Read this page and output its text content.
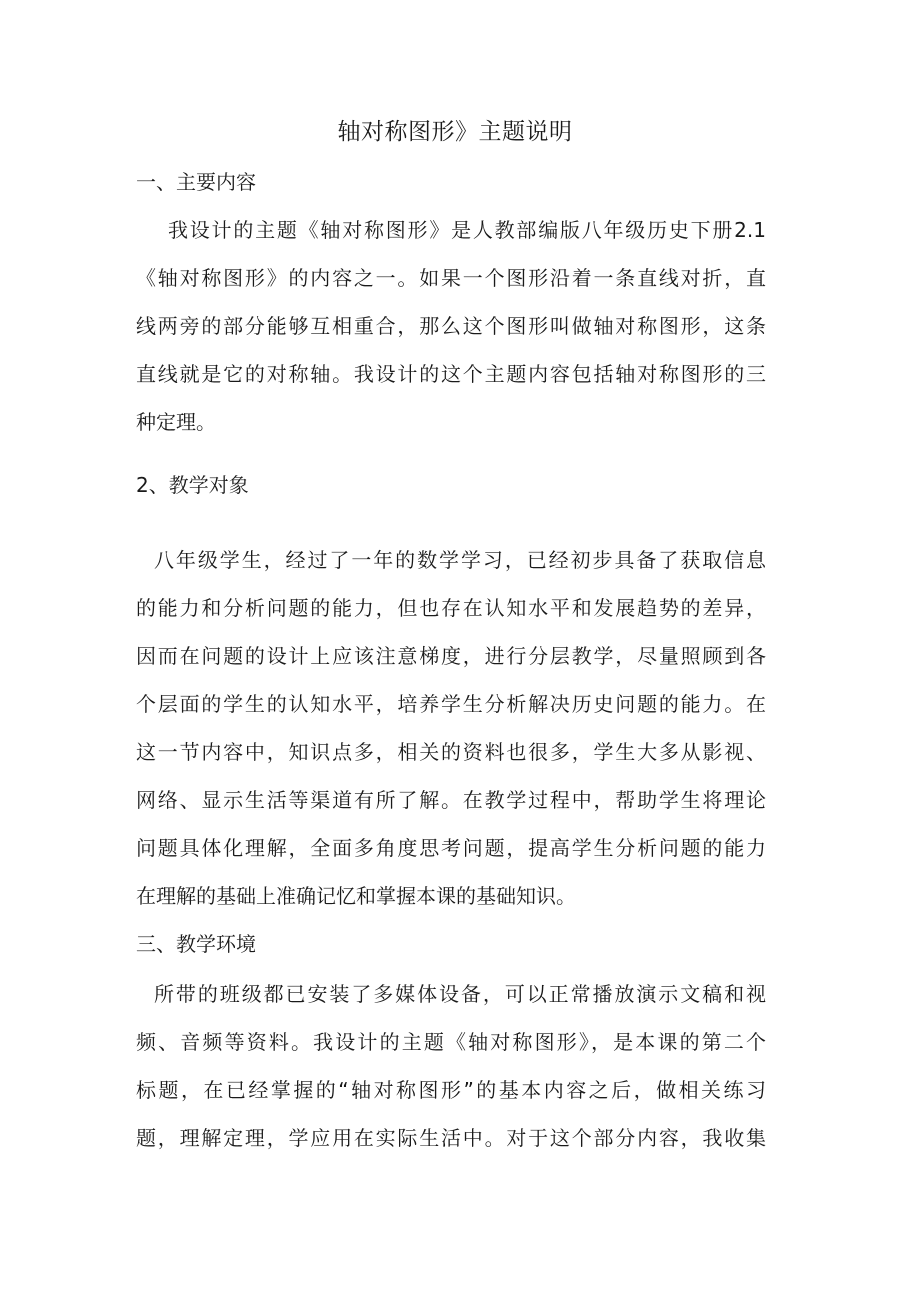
轴对称图形》主题说明
一、主要内容
我设计的主题《轴对称图形》是人教部编版八年级历史下册2.1
《轴对称图形》的内容之一。如果一个图形沿着一条直线对折，直
线两旁的部分能够互相重合，那么这个图形叫做轴对称图形，这条
直线就是它的对称轴。我设计的这个主题内容包括轴对称图形的三
种定理。
2、教学对象
八年级学生，经过了一年的数学学习，已经初步具备了获取信息
的能力和分析问题的能力，但也存在认知水平和发展趋势的差异，
因而在问题的设计上应该注意梯度，进行分层教学，尽量照顾到各
个层面的学生的认知水平，培养学生分析解决历史问题的能力。在
这一节内容中，知识点多，相关的资料也很多，学生大多从影视、
网络、显示生活等渠道有所了解。在教学过程中，帮助学生将理论
问题具体化理解，全面多角度思考问题，提高学生分析问题的能力
在理解的基础上准确记忆和掌握本课的基础知识。
三、教学环境
所带的班级都已安装了多媒体设备，可以正常播放演示文稿和视
频、音频等资料。我设计的主题《轴对称图形》，是本课的第二个
标题，在已经掌握的“轴对称图形”的基本内容之后，做相关练习
题，理解定理，学应用在实际生活中。对于这个部分内容，我收集
